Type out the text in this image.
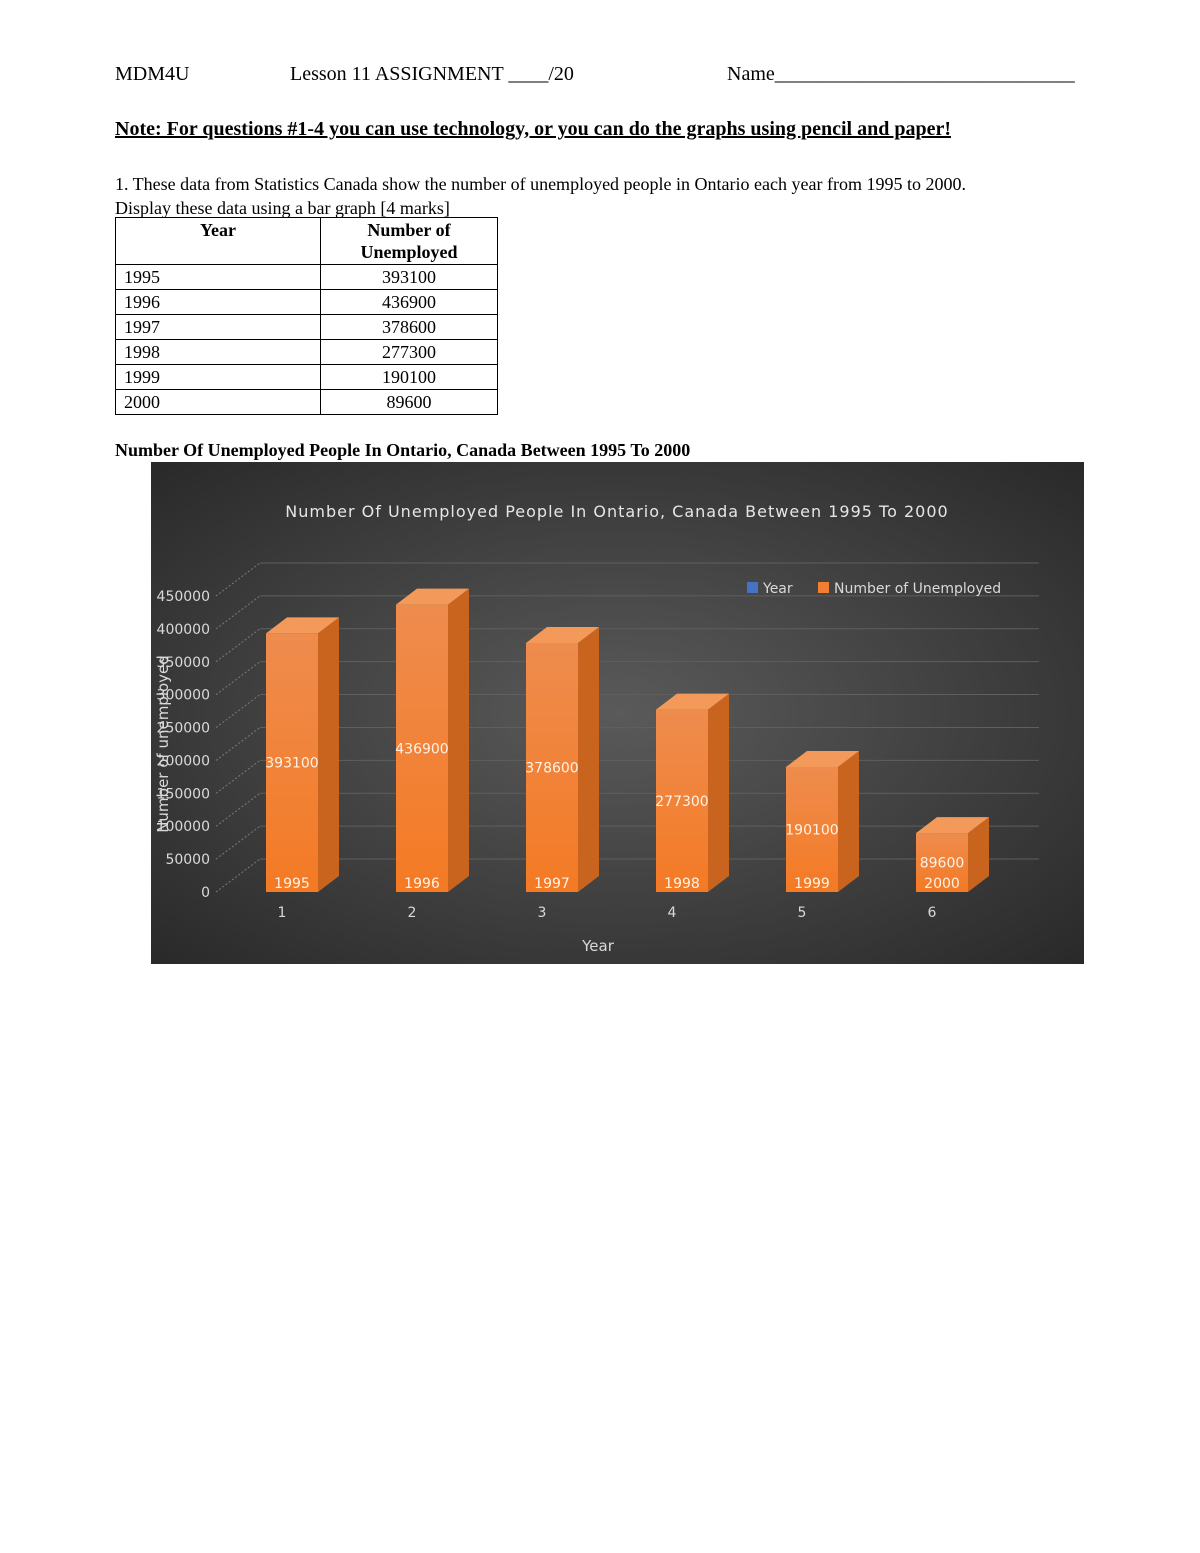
MDM4U	Lesson 11 ASSIGNMENT ____/20	Name______________________________
Note: For questions #1-4 you can use technology, or you can do the graphs using pencil and paper!
1. These data from Statistics Canada show the number of unemployed people in Ontario each year from 1995 to 2000.
Display these data using a bar graph [4 marks]
Year	Number of Unemployed
1995	393100
1996	436900
1997	378600
1998	277300
1999	190100
2000	89600
Number Of Unemployed People In Ontario, Canada Between 1995 To 2000
Number Of Unemployed People In Ontario, Canada Between 1995 To 2000
0
50000
100000
150000
200000
250000
300000
350000
400000
450000
393100
1995
1
436900
1996
2
378600
1997
3
277300
1998
4
190100
1999
5
89600
2000
6
Year	Number of Unemployed
Year
Number of unemployed
